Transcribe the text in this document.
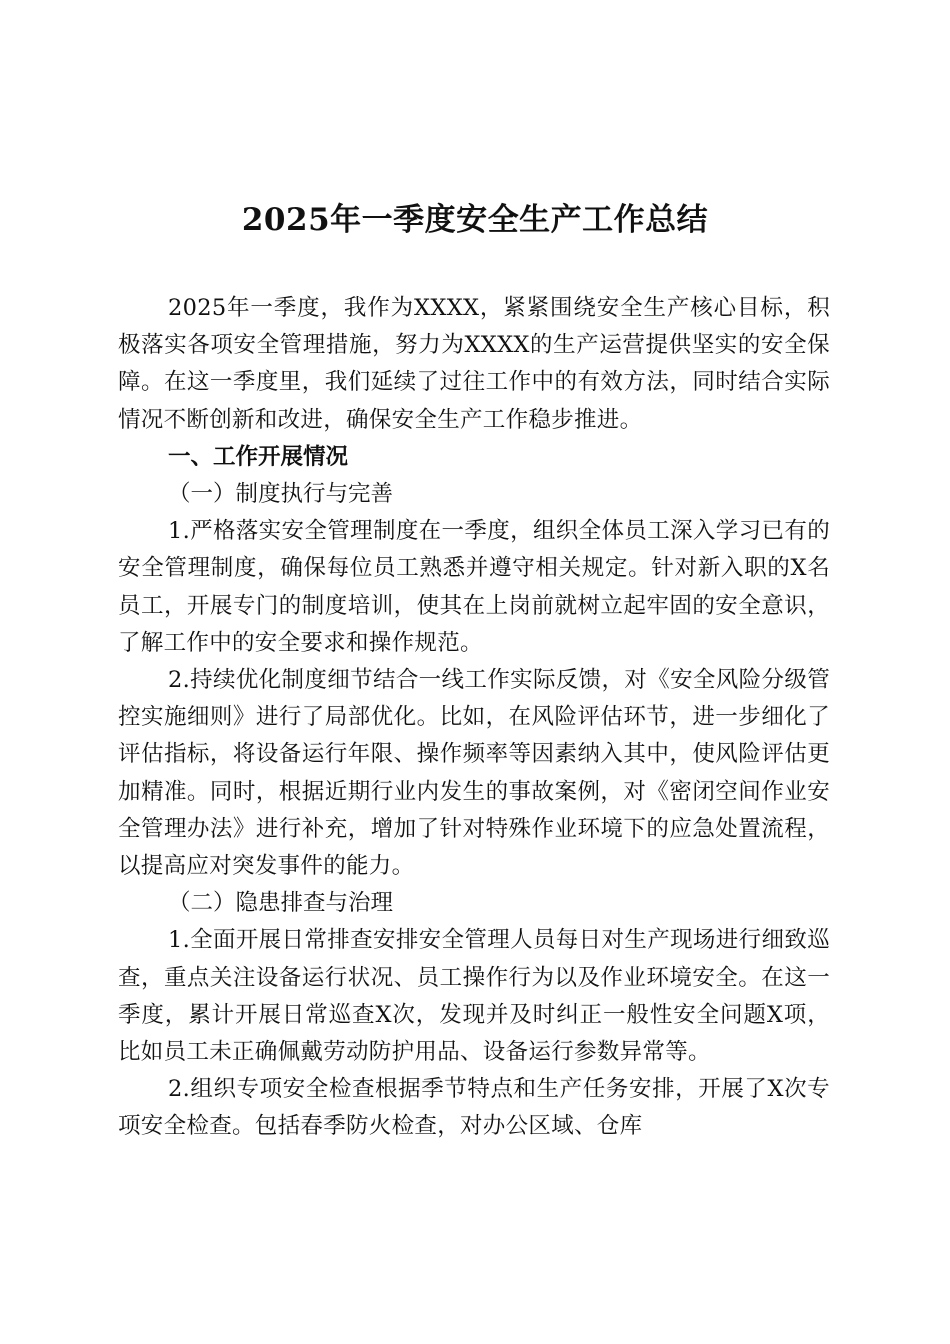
2025年一季度安全生产工作总结

2025年一季度，我作为XXXX，紧紧围绕安全生产核心目标，积极落实各项安全管理措施，努力为XXXX的生产运营提供坚实的安全保障。在这一季度里，我们延续了过往工作中的有效方法，同时结合实际情况不断创新和改进，确保安全生产工作稳步推进。

一、工作开展情况

（一）制度执行与完善

1.严格落实安全管理制度在一季度，组织全体员工深入学习已有的安全管理制度，确保每位员工熟悉并遵守相关规定。针对新入职的X名员工，开展专门的制度培训，使其在上岗前就树立起牢固的安全意识，了解工作中的安全要求和操作规范。

2.持续优化制度细节结合一线工作实际反馈，对《安全风险分级管控实施细则》进行了局部优化。比如，在风险评估环节，进一步细化了评估指标，将设备运行年限、操作频率等因素纳入其中，使风险评估更加精准。同时，根据近期行业内发生的事故案例，对《密闭空间作业安全管理办法》进行补充，增加了针对特殊作业环境下的应急处置流程，以提高应对突发事件的能力。

（二）隐患排查与治理

1.全面开展日常排查安排安全管理人员每日对生产现场进行细致巡查，重点关注设备运行状况、员工操作行为以及作业环境安全。在这一季度，累计开展日常巡查X次，发现并及时纠正一般性安全问题X项，比如员工未正确佩戴劳动防护用品、设备运行参数异常等。

2.组织专项安全检查根据季节特点和生产任务安排，开展了X次专项安全检查。包括春季防火检查，对办公区域、仓库
